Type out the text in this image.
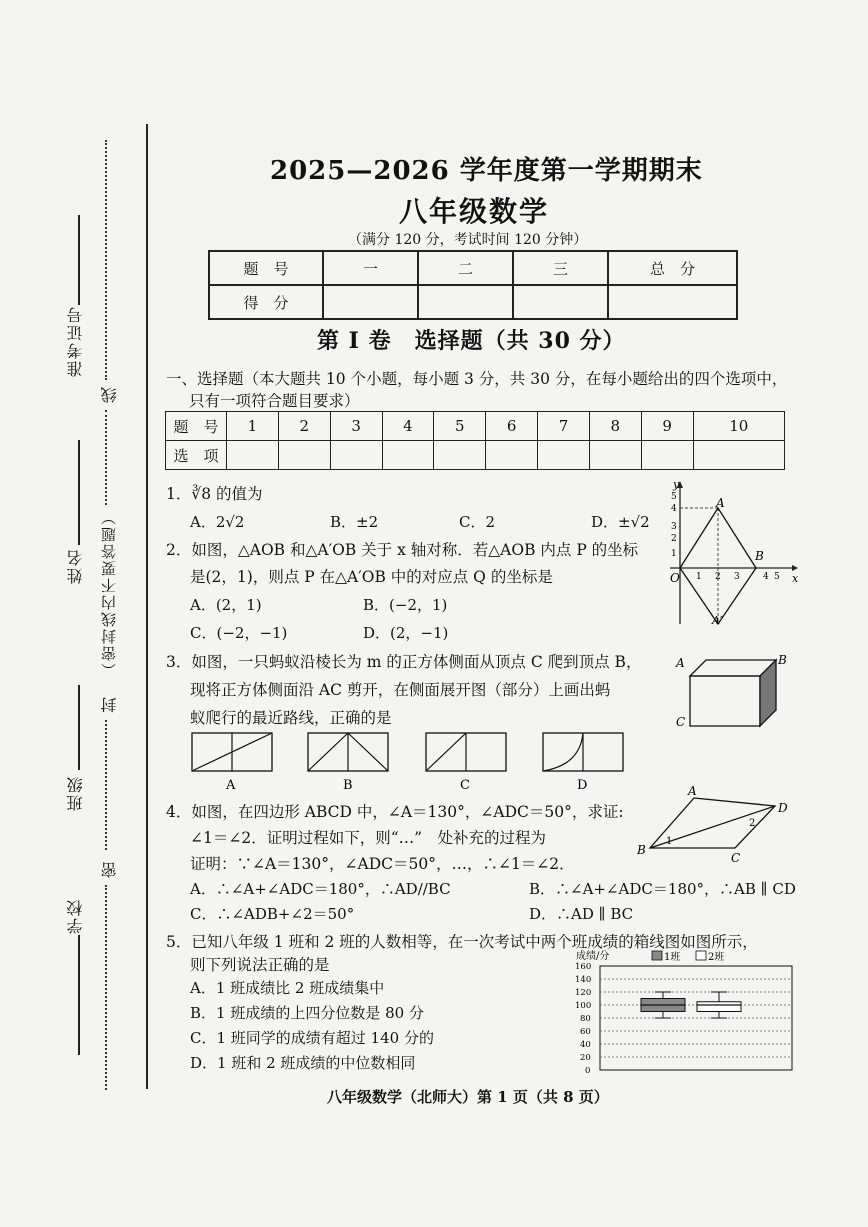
准考证号
姓名
班级
学校
线
（密封线内不要答题）
封
密
2025—2026 学年度第一学期期末
八年级数学
（满分 120 分，考试时间 120 分钟）
题　号	一	二	三	总　分
得　分				
第 I 卷　选择题（共 30 分）
一、选择题（本大题共 10 个小题，每小题 3 分，共 30 分，在每小题给出的四个选项中，
只有一项符合题目要求）
题　号	1	2	3	4	5	6	7	8	9	10
选　项										
1．∛8 的值为
A．2√2	B．±2	C．2	D．±√2
2．如图，△AOB 和△A′OB 关于 x 轴对称．若△AOB 内点 P 的坐标
是(2，1)，则点 P 在△A′OB 中的对应点 Q 的坐标是
A．(2，1)	B．(−2，1)
C．(−2，−1)	D．(2，−1)
y
x
O
5
4
3
2
1
1 2 3	4 5
A
B
A′
3．如图，一只蚂蚁沿棱长为 m 的正方体侧面从顶点 C 爬到顶点 B，
现将正方体侧面沿 AC 剪开，在侧面展开图（部分）上画出蚂
蚁爬行的最近路线，正确的是
A	B
C
A	B	C	D
4．如图，在四边形 ABCD 中，∠A＝130°，∠ADC＝50°，求证:
∠1＝∠2．证明过程如下，则“…”　处补充的过程为
证明：∵∠A＝130°，∠ADC＝50°，…，∴∠1＝∠2．
A．∴∠A+∠ADC＝180°，∴AD//BC	B．∴∠A+∠ADC＝180°，∴AB ∥ CD
C．∴∠ADB+∠2＝50°	D．∴AD ∥ BC
A
D
B
C
1
2
5．已知八年级 1 班和 2 班的人数相等，在一次考试中两个班成绩的箱线图如图所示，
则下列说法正确的是
A．1 班成绩比 2 班成绩集中
B．1 班成绩的上四分位数是 80 分
C．1 班同学的成绩有超过 140 分的
D．1 班和 2 班成绩的中位数相同
成绩/分	1班	2班
160
140
120
100
80
60
40
20
0
八年级数学（北师大）第 1 页（共 8 页）
